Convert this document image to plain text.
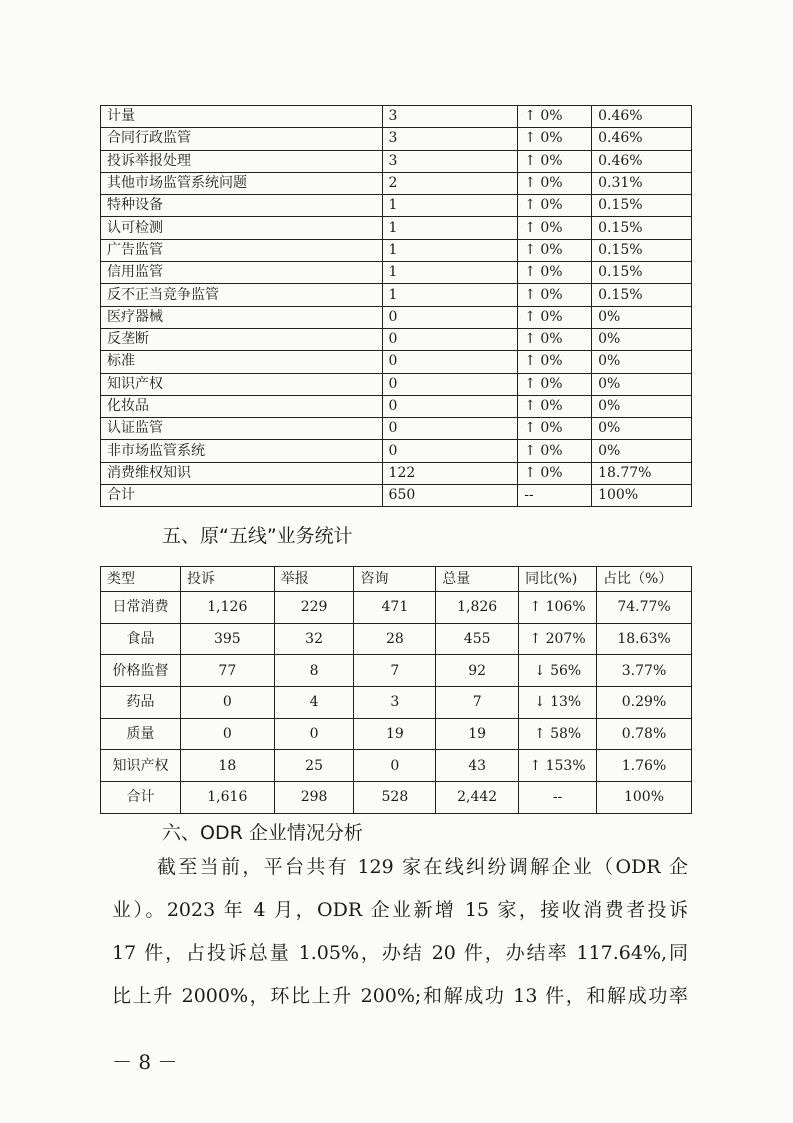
计量	3	↑ 0%	0.46%
合同行政监管	3	↑ 0%	0.46%
投诉举报处理	3	↑ 0%	0.46%
其他市场监管系统问题	2	↑ 0%	0.31%
特种设备	1	↑ 0%	0.15%
认可检测	1	↑ 0%	0.15%
广告监管	1	↑ 0%	0.15%
信用监管	1	↑ 0%	0.15%
反不正当竞争监管	1	↑ 0%	0.15%
医疗器械	0	↑ 0%	0%
反垄断	0	↑ 0%	0%
标准	0	↑ 0%	0%
知识产权	0	↑ 0%	0%
化妆品	0	↑ 0%	0%
认证监管	0	↑ 0%	0%
非市场监管系统	0	↑ 0%	0%
消费维权知识	122	↑ 0%	18.77%
合计	650	--	100%
五、原“五线”业务统计
类型	投诉	举报	咨询	总量	同比(%)	占比（%）
日常消费	1,126	229	471	1,826	↑ 106%	74.77%
食品	395	32	28	455	↑ 207%	18.63%
价格监督	77	8	7	92	↓ 56%	3.77%
药品	0	4	3	7	↓ 13%	0.29%
质量	0	0	19	19	↑ 58%	0.78%
知识产权	18	25	0	43	↑ 153%	1.76%
合计	1,616	298	528	2,442	--	100%
六、ODR 企业情况分析

截至当前，平台共有 129 家在线纠纷调解企业（ODR 企

业）。2023 年 4 月，ODR 企业新增 15 家，接收消费者投诉

17 件，占投诉总量 1.05%，办结 20 件，办结率 117.64%,同

比上升 2000%，环比上升 200%;和解成功 13 件，和解成功率

－ 8 －
